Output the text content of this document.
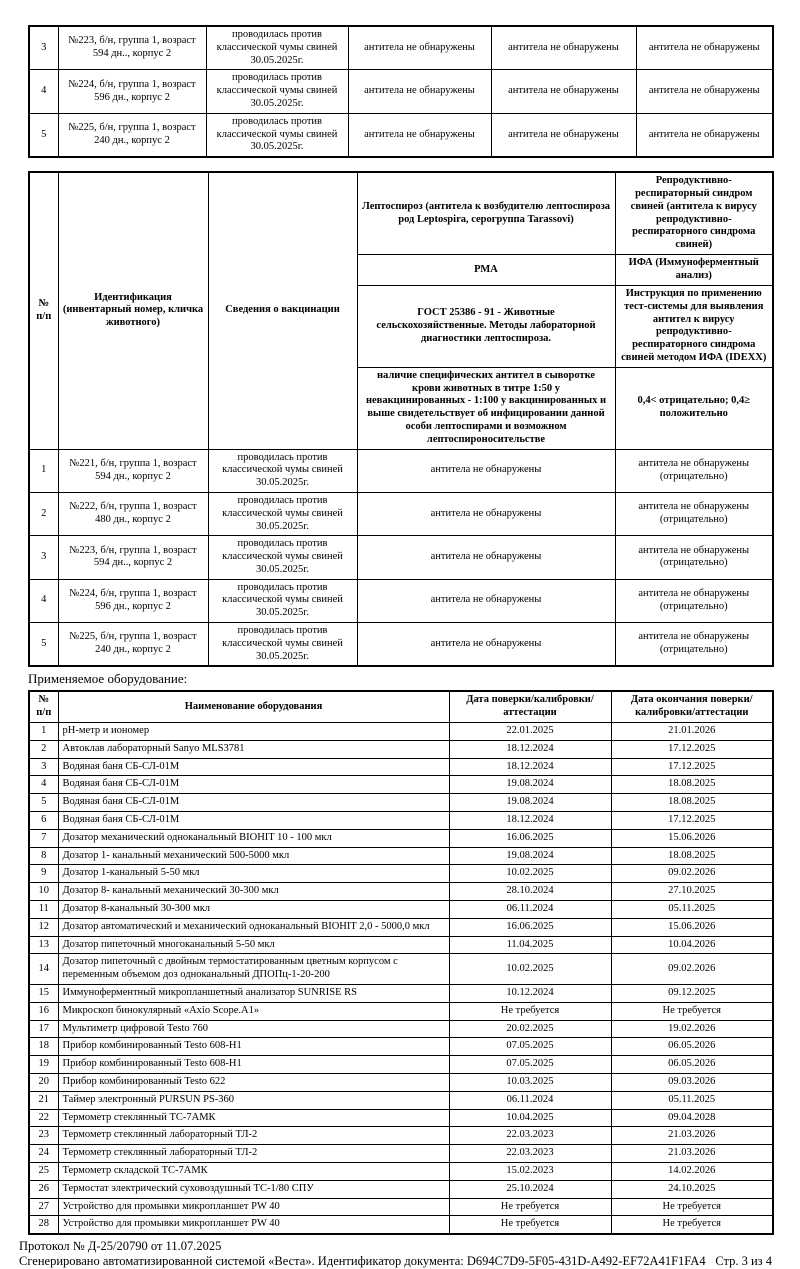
3	№223, б/н, группа 1, возраст 594 дн.., корпус 2	проводилась против классической чумы свиней 30.05.2025г.	антитела не обнаружены	антитела не обнаружены	антитела не обнаружены
4	№224, б/н, группа 1, возраст 596 дн., корпус 2	проводилась против классической чумы свиней 30.05.2025г.	антитела не обнаружены	антитела не обнаружены	антитела не обнаружены
5	№225, б/н, группа 1, возраст 240 дн., корпус 2	проводилась против классической чумы свиней 30.05.2025г.	антитела не обнаружены	антитела не обнаружены	антитела не обнаружены
№ п/п	Идентификация (инвентарный номер, кличка животного)	Сведения о вакцинации	Лептоспироз (антитела к возбудителю лептоспироза род Leptospira, серогруппа Tarassovi)	Репродуктивно-респираторный синдром свиней (антитела к вирусу репродуктивно-респираторного синдрома свиней)
			РМА	ИФА (Иммуноферментный анализ)
			ГОСТ 25386 - 91 - Животные сельскохозяйственные. Методы лабораторной диагностики лептоспироза.	Инструкция по применению тест-системы для выявления антител к вирусу репродуктивно-респираторного синдрома свиней методом ИФА (IDEXX)
			наличие специфических антител в сыворотке крови животных в титре 1:50 у невакцинированных - 1:100 у вакцинированных и выше свидетельствует об инфицировании данной особи лептоспирами и возможном лептоспироносительстве	0,4< отрицательно; 0,4≥ положительно
1	№221, б/н, группа 1, возраст 594 дн., корпус 2	проводилась против классической чумы свиней 30.05.2025г.	антитела не обнаружены	антитела не обнаружены (отрицательно)
2	№222, б/н, группа 1, возраст 480 дн., корпус 2	проводилась против классической чумы свиней 30.05.2025г.	антитела не обнаружены	антитела не обнаружены (отрицательно)
3	№223, б/н, группа 1, возраст 594 дн.., корпус 2	проводилась против классической чумы свиней 30.05.2025г.	антитела не обнаружены	антитела не обнаружены (отрицательно)
4	№224, б/н, группа 1, возраст 596 дн., корпус 2	проводилась против классической чумы свиней 30.05.2025г.	антитела не обнаружены	антитела не обнаружены (отрицательно)
5	№225, б/н, группа 1, возраст 240 дн., корпус 2	проводилась против классической чумы свиней 30.05.2025г.	антитела не обнаружены	антитела не обнаружены (отрицательно)
Применяемое оборудование:
№ п/п	Наименование оборудования	Дата поверки/калибровки/аттестации	Дата окончания поверки/калибровки/аттестации
1	pH-метр и иономер	22.01.2025	21.01.2026
2	Автоклав лабораторный Sanyo MLS3781	18.12.2024	17.12.2025
3	Водяная баня СБ-СЛ-01М	18.12.2024	17.12.2025
4	Водяная баня СБ-СЛ-01М	19.08.2024	18.08.2025
5	Водяная баня СБ-СЛ-01М	19.08.2024	18.08.2025
6	Водяная баня СБ-СЛ-01М	18.12.2024	17.12.2025
7	Дозатор механический одноканальный BIOHIT 10 - 100 мкл	16.06.2025	15.06.2026
8	Дозатор 1- канальный механический 500-5000 мкл	19.08.2024	18.08.2025
9	Дозатор 1-канальный 5-50 мкл	10.02.2025	09.02.2026
10	Дозатор 8- канальный механический 30-300 мкл	28.10.2024	27.10.2025
11	Дозатор 8-канальный 30-300 мкл	06.11.2024	05.11.2025
12	Дозатор автоматический и механический одноканальный BIOHIT 2,0 - 5000,0 мкл	16.06.2025	15.06.2026
13	Дозатор пипеточный многоканальный 5-50 мкл	11.04.2025	10.04.2026
14	Дозатор пипеточный с двойным термостатированным цветным корпусом с переменным объемом доз одноканальный ДПОПц-1-20-200	10.02.2025	09.02.2026
15	Иммуноферментный микропланшетный анализатор SUNRISE RS	10.12.2024	09.12.2025
16	Микроскоп бинокулярный «Axio Scope.A1»	Не требуется	Не требуется
17	Мультиметр цифровой Testo 760	20.02.2025	19.02.2026
18	Прибор комбинированный Testo 608-H1	07.05.2025	06.05.2026
19	Прибор комбинированный Testo 608-H1	07.05.2025	06.05.2026
20	Прибор комбинированный Testo 622	10.03.2025	09.03.2026
21	Таймер электронный PURSUN PS-360	06.11.2024	05.11.2025
22	Термометр стеклянный ТС-7АМК	10.04.2025	09.04.2028
23	Термометр стеклянный лабораторный ТЛ-2	22.03.2023	21.03.2026
24	Термометр стеклянный лабораторный ТЛ-2	22.03.2023	21.03.2026
25	Термометр складской ТС-7АМК	15.02.2023	14.02.2026
26	Термостат электрический суховоздушный ТС-1/80 СПУ	25.10.2024	24.10.2025
27	Устройство для промывки микропланшет PW 40	Не требуется	Не требуется
28	Устройство для промывки микропланшет PW 40	Не требуется	Не требуется
Протокол № Д-25/20790 от 11.07.2025
Сгенерировано автоматизированной системой «Веста». Идентификатор документа: D694C7D9-5F05-431D-A492-EF72A41F1FA4 Стр. 3 из 4
